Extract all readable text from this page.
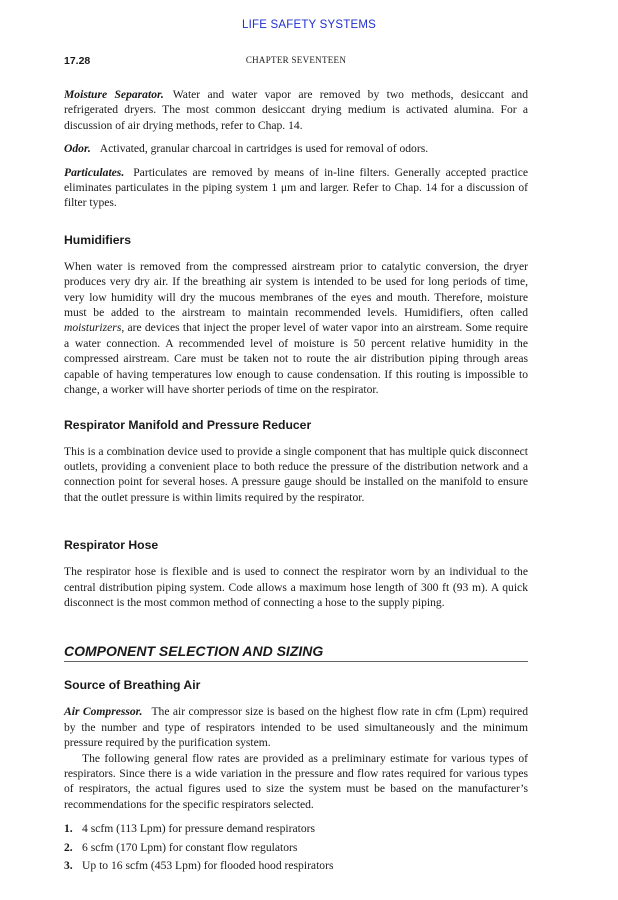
LIFE SAFETY SYSTEMS
17.28	CHAPTER SEVENTEEN

Moisture Separator. Water and water vapor are removed by two methods, desiccant and refrigerated dryers. The most common desiccant drying medium is activated alumina. For a discussion of air drying methods, refer to Chap. 14.

Odor. Activated, granular charcoal in cartridges is used for removal of odors.

Particulates. Particulates are removed by means of in-line filters. Generally accepted practice eliminates particulates in the piping system 1 μm and larger. Refer to Chap. 14 for a discussion of filter types.

Humidifiers

When water is removed from the compressed airstream prior to catalytic conversion, the dryer produces very dry air. If the breathing air system is intended to be used for long periods of time, very low humidity will dry the mucous membranes of the eyes and mouth. Therefore, moisture must be added to the airstream to maintain recommended levels. Humidifiers, often called moisturizers, are devices that inject the proper level of water vapor into an airstream. Some require a water connection. A recommended level of moisture is 50 percent relative humidity in the compressed airstream. Care must be taken not to route the air distribution piping through areas capable of having temperatures low enough to cause condensation. If this routing is impossible to change, a worker will have shorter periods of time on the respirator.

Respirator Manifold and Pressure Reducer

This is a combination device used to provide a single component that has multiple quick disconnect outlets, providing a convenient place to both reduce the pressure of the distribution network and a connection point for several hoses. A pressure gauge should be installed on the manifold to ensure that the outlet pressure is within limits required by the respirator.

Respirator Hose

The respirator hose is flexible and is used to connect the respirator worn by an individual to the central distribution piping system. Code allows a maximum hose length of 300 ft (93 m). A quick disconnect is the most common method of connecting a hose to the supply piping.

COMPONENT SELECTION AND SIZING
Source of Breathing Air

Air Compressor. The air compressor size is based on the highest flow rate in cfm (Lpm) required by the number and type of respirators intended to be used simultaneously and the minimum pressure required by the purification system.

The following general flow rates are provided as a preliminary estimate for various types of respirators. Since there is a wide variation in the pressure and flow rates required for various types of respirators, the actual figures used to size the system must be based on the manufacturer’s recommendations for the specific respirators selected.

1. 4 scfm (113 Lpm) for pressure demand respirators
2. 6 scfm (170 Lpm) for constant flow regulators
3. Up to 16 scfm (453 Lpm) for flooded hood respirators
